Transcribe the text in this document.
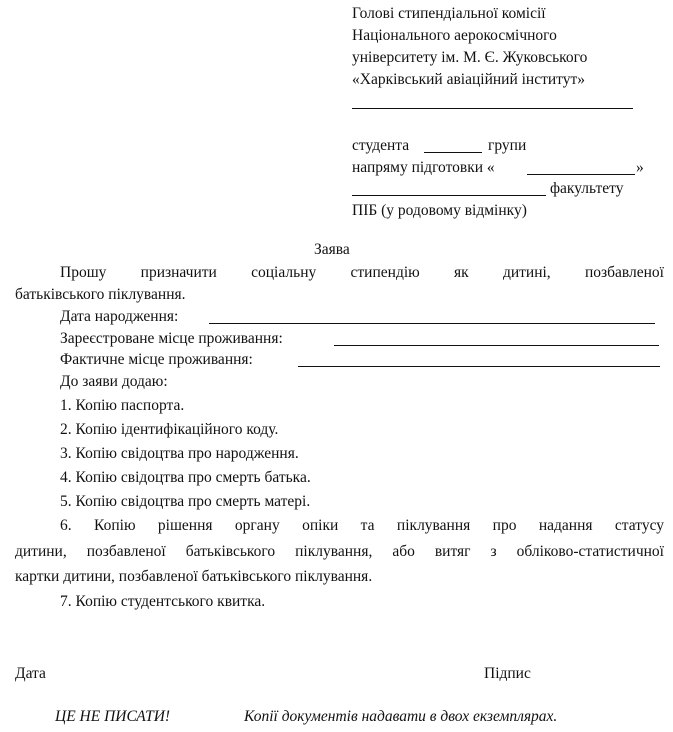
Голові стипендіальної комісії
Національного аерокосмічного
університету ім. М. Є. Жуковського
«Харківський авіаційний інститут»
студента	групи
напряму підготовки «	»
факультету
ПІБ (у родовому відмінку)
Заява
Прошу призначити соціальну стипендію як дитині, позбавленої
батьківського піклування.
Дата народження:
Зареєстроване місце проживання:
Фактичне місце проживання:
До заяви додаю:
1. Копію паспорта.
2. Копію ідентифікаційного коду.
3. Копію свідоцтва про народження.
4. Копію свідоцтва про смерть батька.
5. Копію свідоцтва про смерть матері.
6. Копію рішення органу опіки та піклування про надання статусу
дитини, позбавленої батьківського піклування, або витяг з обліково-статистичної
картки дитини, позбавленої батьківського піклування.
7. Копію студентського квитка.
Дата	Підпис
ЦЕ НЕ ПИСАТИ!	Копії документів надавати в двох екземплярах.
